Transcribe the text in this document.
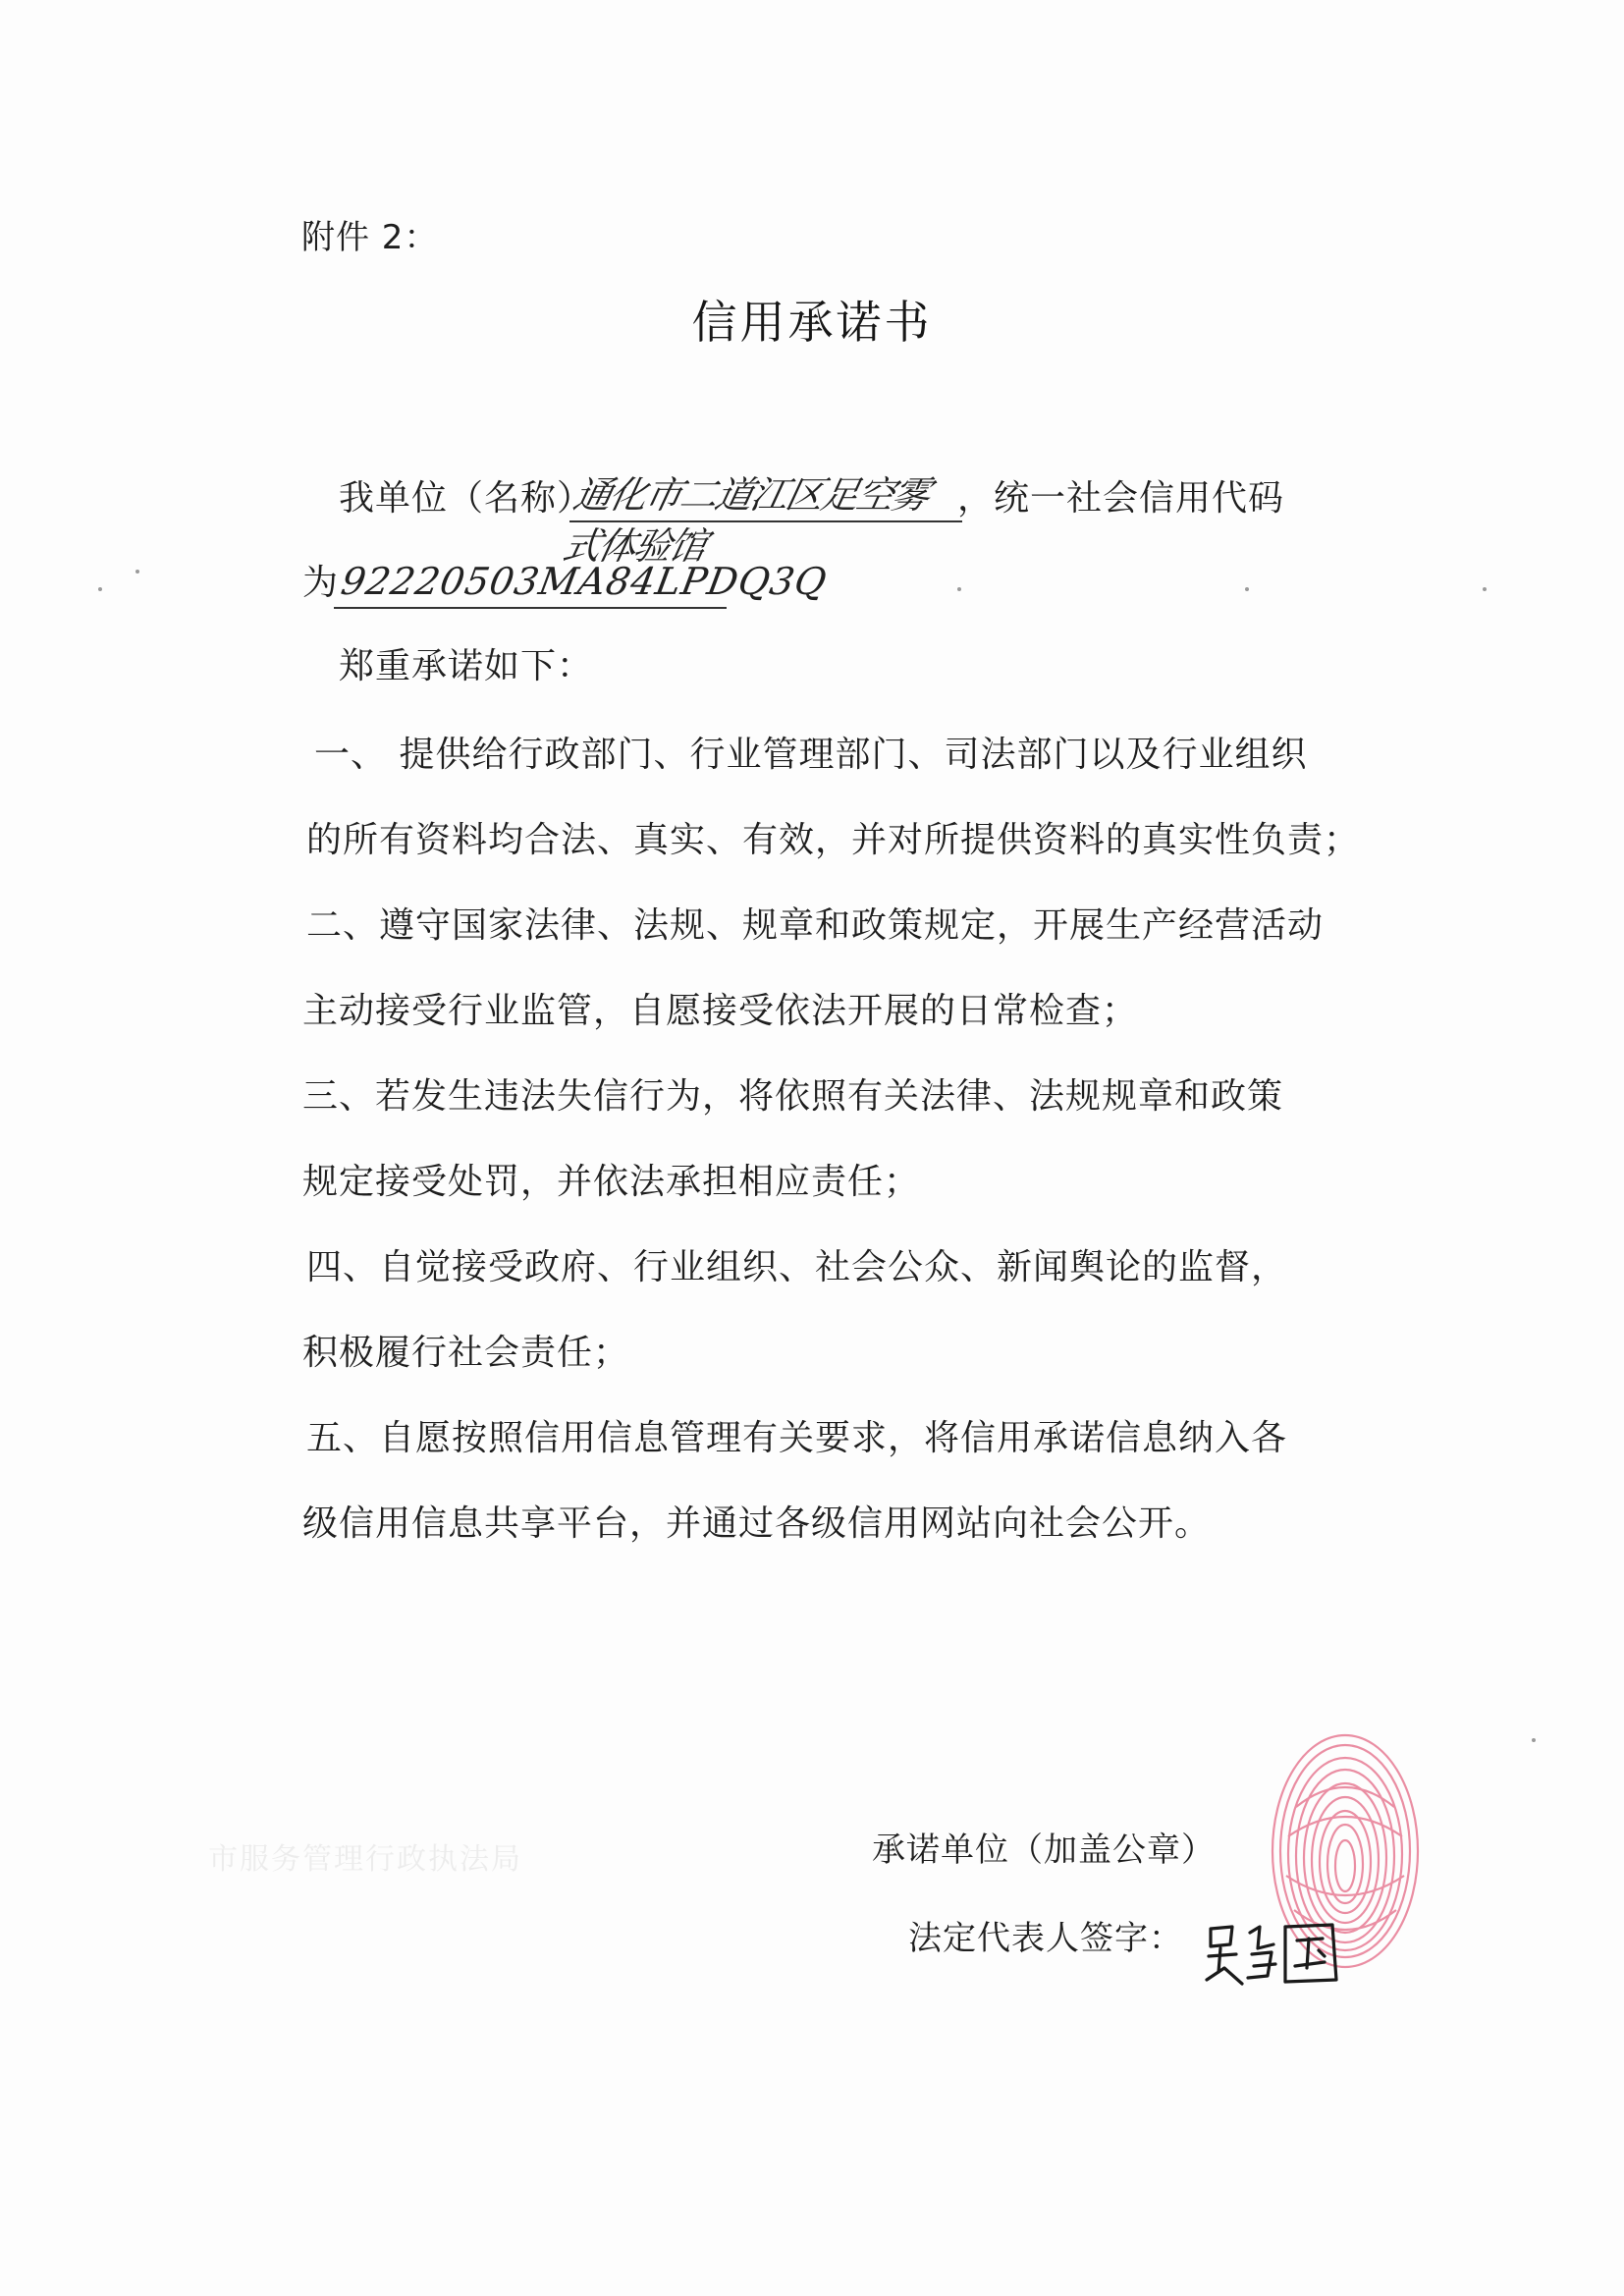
附件 2：
信用承诺书
我单位（名称）
通化市二道江区足空雾式体验馆
，统一社会信用代码
为 92220503MA84LPDQ3Q
郑重承诺如下：
一、 提供给行政部门、行业管理部门、司法部门以及行业组织
的所有资料均合法、真实、有效，并对所提供资料的真实性负责；
二、遵守国家法律、法规、规章和政策规定，开展生产经营活动
主动接受行业监管，自愿接受依法开展的日常检查；
三、若发生违法失信行为，将依照有关法律、法规规章和政策
规定接受处罚，并依法承担相应责任；
四、自觉接受政府、行业组织、社会公众、新闻舆论的监督，
积极履行社会责任；
五、自愿按照信用信息管理有关要求，将信用承诺信息纳入各
级信用信息共享平台，并通过各级信用网站向社会公开。
市服务管理行政执法局	承诺单位（加盖公章）
法定代表人签字：
